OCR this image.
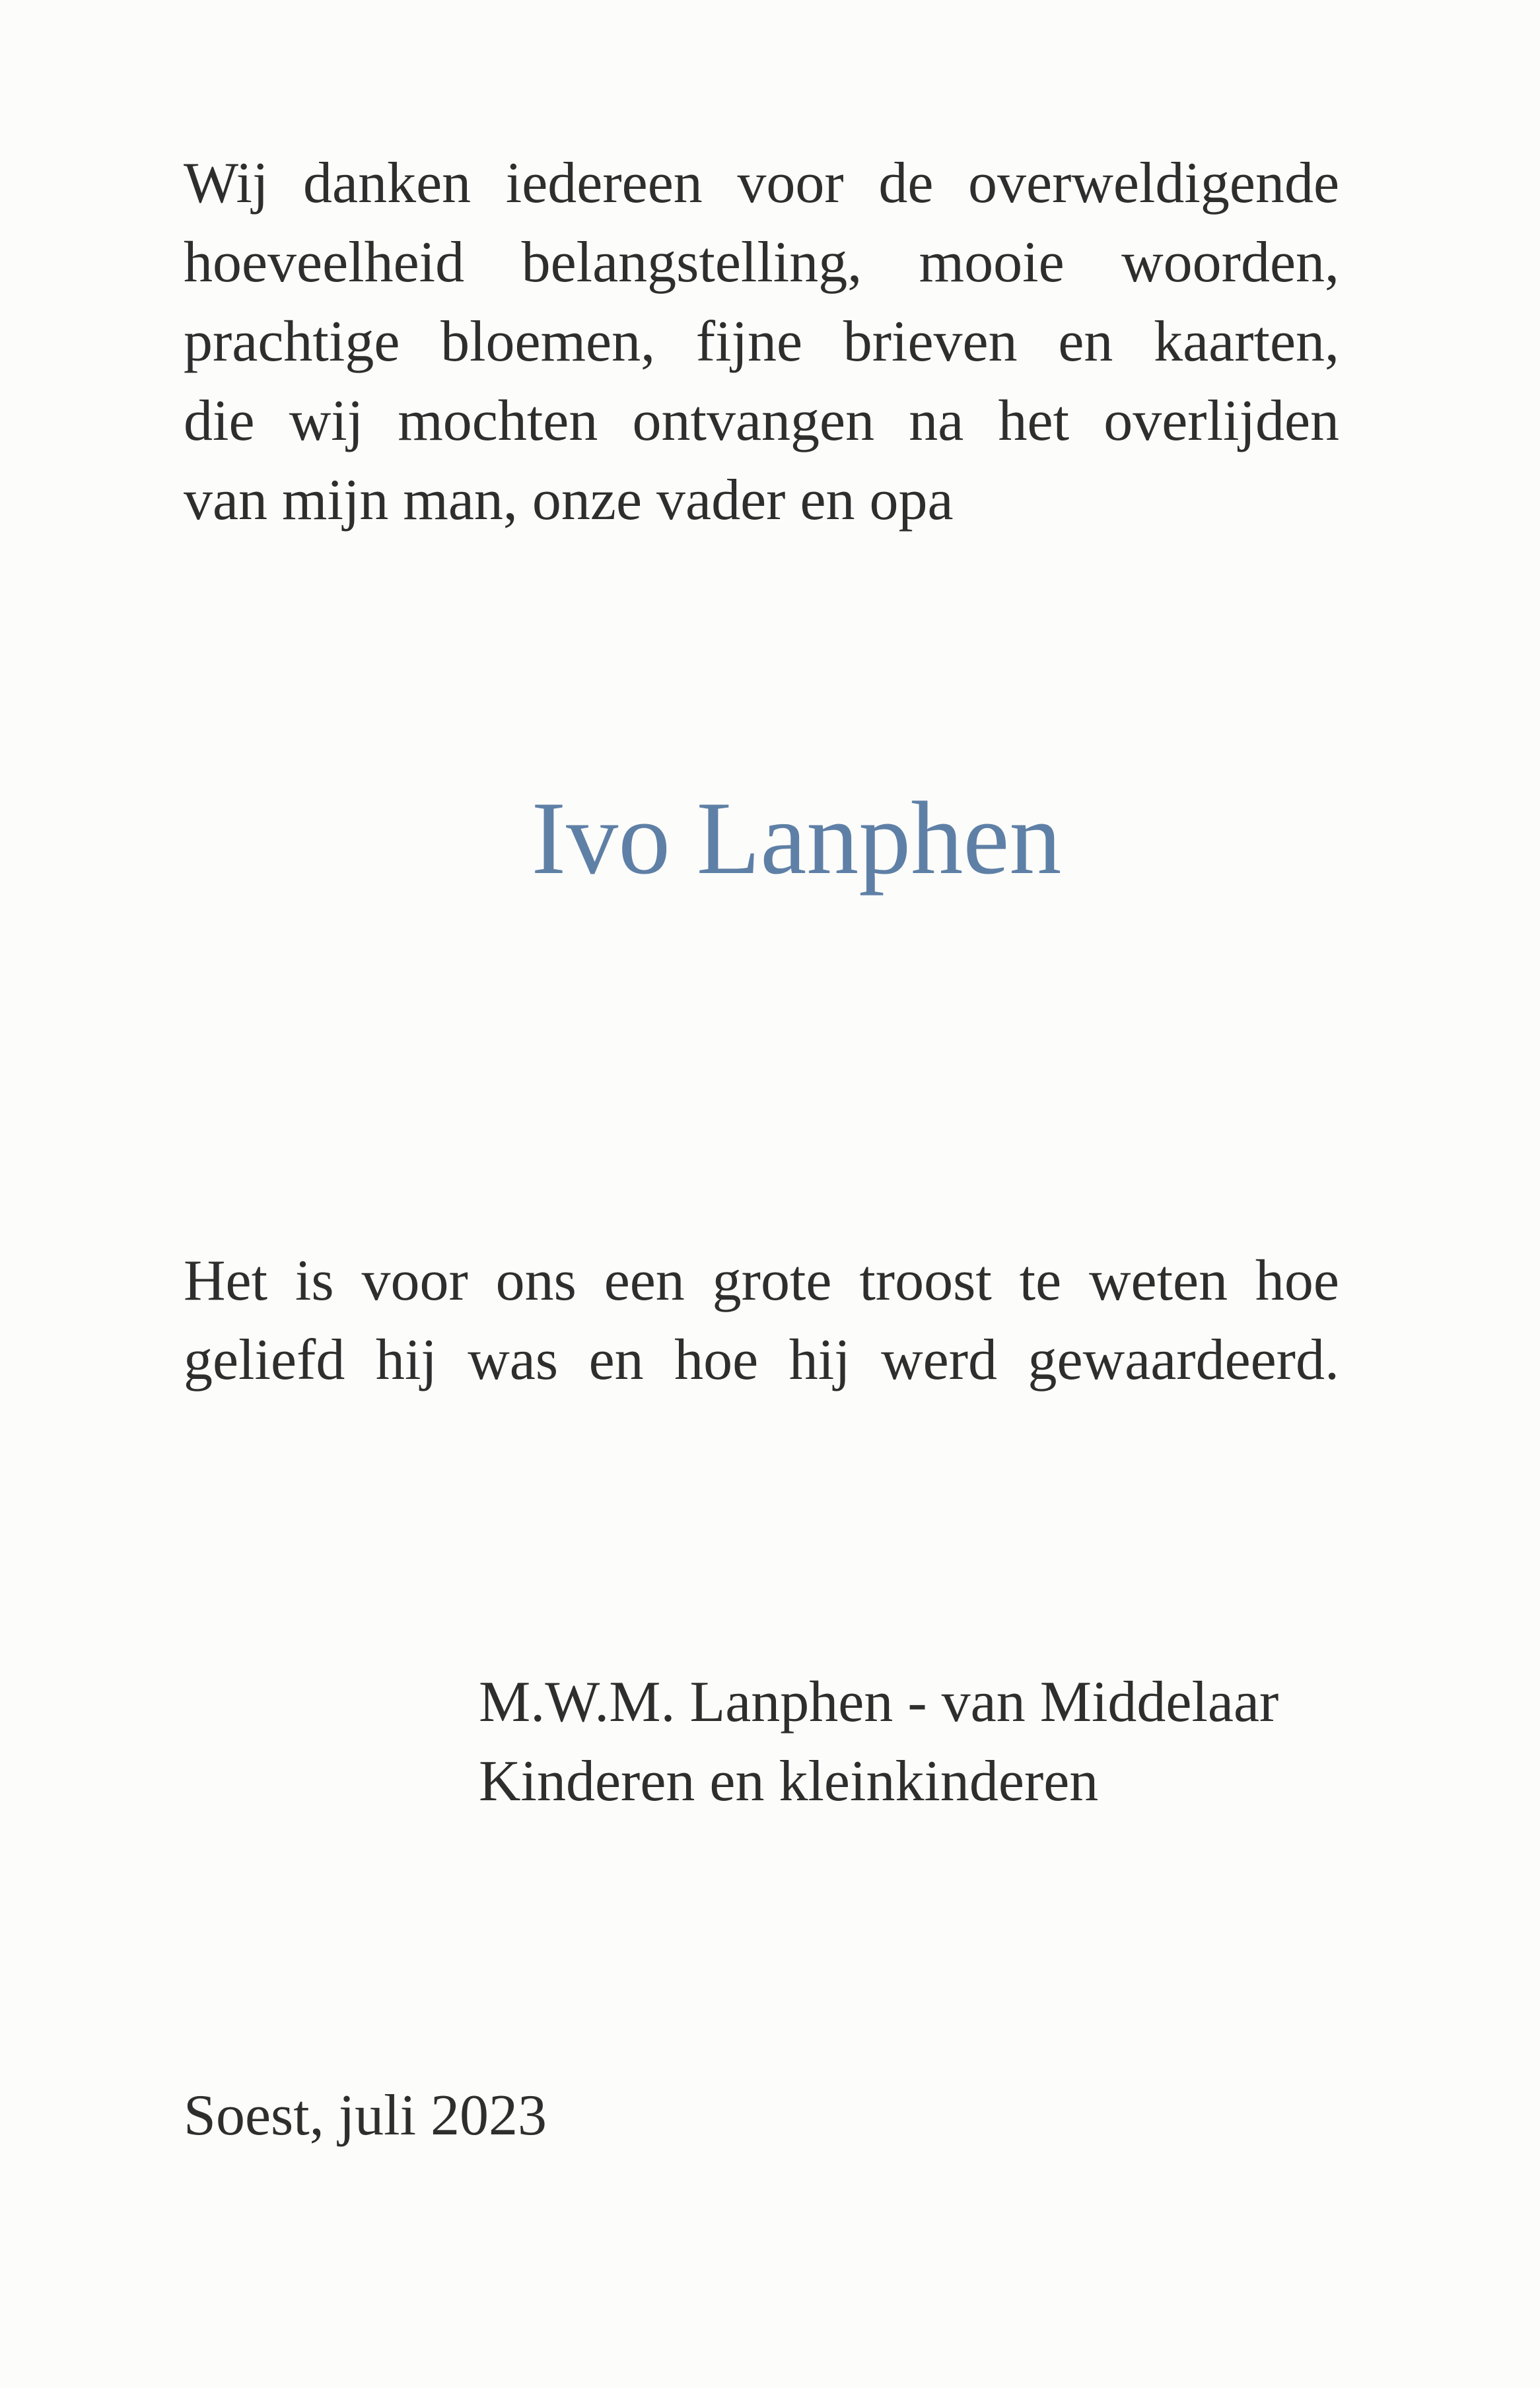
Wij danken iedereen voor de overweldigende
hoeveelheid belangstelling, mooie woorden,
prachtige bloemen, fijne brieven en kaarten,
die wij mochten ontvangen na het overlijden
van mijn man, onze vader en opa
Ivo Lanphen
Het is voor ons een grote troost te weten hoe
geliefd hij was en hoe hij werd gewaardeerd.
M.W.M. Lanphen - van Middelaar
Kinderen en kleinkinderen
Soest, juli 2023
